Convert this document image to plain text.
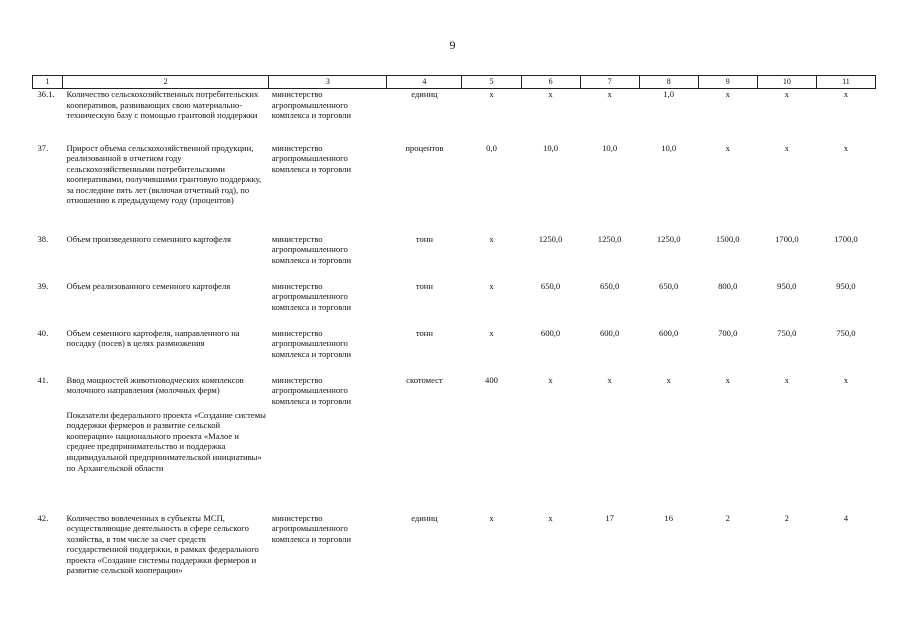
9
1	2	3	4	5	6	7	8	9	10	11
36.1.	Количество сельскохозяйственных потребительских кооперативов, развивающих свою материально-техническую базу с помощью грантовой поддержки	министерство агропромышленного комплекса и торговли	единиц	х	х	х	1,0	х	х	х
37.	Прирост объема сельскохозяйственной продукции, реализованной в отчетном году сельскохозяйственными потребительскими кооперативами, получившими грантовую поддержку, за последние пять лет (включая отчетный год), по отношению к предыдущему году (процентов)	министерство агропромышленного комплекса и торговли	процентов	0,0	10,0	10,0	10,0	х	х	х
38.	Объем произведенного семенного картофеля	министерство агропромышленного комплекса и торговли	тонн	х	1250,0	1250,0	1250,0	1500,0	1700,0	1700,0
39.	Объем реализованного семенного картофеля	министерство агропромышленного комплекса и торговли	тонн	х	650,0	650,0	650,0	800,0	950,0	950,0
40.	Объем семенного картофеля, направленного на посадку (посев) в целях размножения	министерство агропромышленного комплекса и торговли	тонн	х	600,0	600,0	600,0	700,0	750,0	750,0
41.	Ввод мощностей животноводческих комплексов молочного направления (молочных ферм)
Показатели федерального проекта «Создание системы поддержки фермеров и развитие сельской кооперации» национального проекта «Малое и среднее предпринимательство и поддержка индивидуальной предпринимательской инициативы» по Архангельской области	министерство агропромышленного комплекса и торговли	скотомест	400	х	х	х	х	х	х
42.	Количество вовлеченных в субъекты МСП, осуществляющие деятельность в сфере сельского хозяйства, в том числе за счет средств государственной поддержки, в рамках федерального проекта «Создание системы поддержки фермеров и развитие сельской кооперации»	министерство агропромышленного комплекса и торговли	единиц	х	х	17	16	2	2	4
